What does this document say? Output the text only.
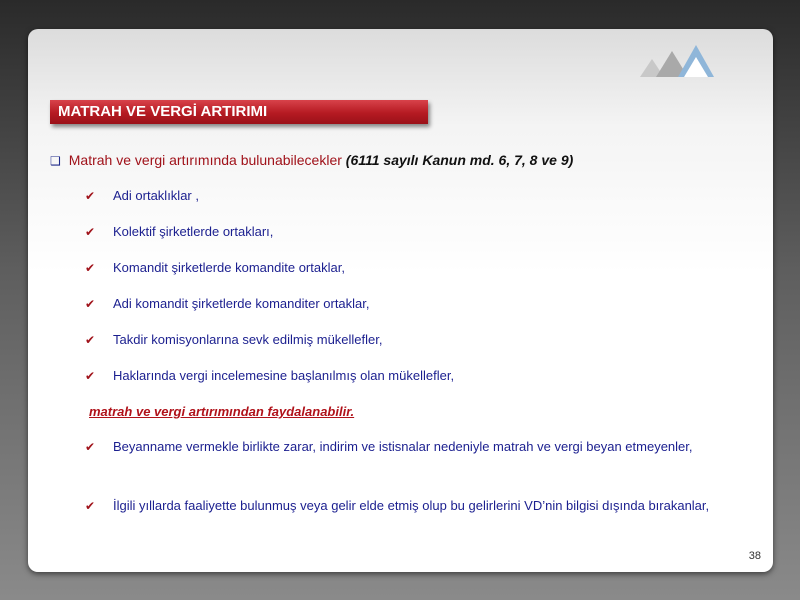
MATRAH VE VERGİ ARTIRIMI
❑ Matrah ve vergi artırımında bulunabilecekler (6111 sayılı Kanun md. 6, 7, 8 ve 9)
✔ Adi ortaklıklar ,
✔ Kolektif şirketlerde ortakları,
✔ Komandit şirketlerde komandite ortaklar,
✔ Adi komandit şirketlerde komanditer ortaklar,
✔ Takdir komisyonlarına sevk edilmiş mükellefler,
✔ Haklarında vergi incelemesine başlanılmış olan mükellefler,
matrah ve vergi artırımından faydalanabilir.
✔ Beyanname vermekle birlikte zarar, indirim ve istisnalar nedeniyle matrah ve vergi beyan etmeyenler,
✔ İlgili yıllarda faaliyette bulunmuş veya gelir elde etmiş olup bu gelirlerini VD’nin bilgisi dışında bırakanlar,
38
